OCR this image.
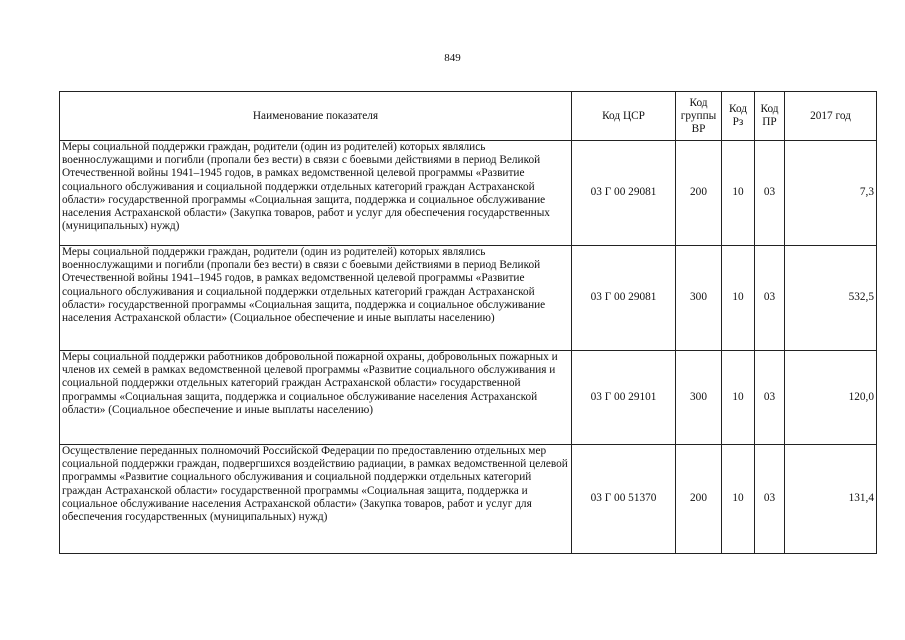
849
Наименование показателя	Код ЦСР	Код группы ВР	Код Рз	Код ПР	2017 год
Меры социальной поддержки граждан, родители (один из родителей) которых являлись военнослужащими и погибли (пропали без вести) в связи с боевыми действиями в период Великой Отечественной войны 1941–1945 годов, в рамках ведомственной целевой программы «Развитие социального обслуживания и социальной поддержки отдельных категорий граждан Астраханской области» государственной программы «Социальная защита, поддержка и социальное обслуживание населения Астраханской области» (Закупка товаров, работ и услуг для обеспечения государственных (муниципальных) нужд)	03 Г 00 29081	200	10	03	7,3
Меры социальной поддержки граждан, родители (один из родителей) которых являлись военнослужащими и погибли (пропали без вести) в связи с боевыми действиями в период Великой Отечественной войны 1941–1945 годов, в рамках ведомственной целевой программы «Развитие социального обслуживания и социальной поддержки отдельных категорий граждан Астраханской области» государственной программы «Социальная защита, поддержка и социальное обслуживание населения Астраханской области» (Социальное обеспечение и иные выплаты населению)	03 Г 00 29081	300	10	03	532,5
Меры социальной поддержки работников добровольной пожарной охраны, добровольных пожарных и членов их семей в рамках ведомственной целевой программы «Развитие социального обслуживания и социальной поддержки отдельных категорий граждан Астраханской области» государственной программы «Социальная защита, поддержка и социальное обслуживание населения Астраханской области» (Социальное обеспечение и иные выплаты населению)	03 Г 00 29101	300	10	03	120,0
Осуществление переданных полномочий Российской Федерации по предоставлению отдельных мер социальной поддержки граждан, подвергшихся воздействию радиации, в рамках ведомственной целевой программы «Развитие социального обслуживания и социальной поддержки отдельных категорий граждан Астраханской области» государственной программы «Социальная защита, поддержка и социальное обслуживание населения Астраханской области» (Закупка товаров, работ и услуг для обеспечения государственных (муниципальных) нужд)	03 Г 00 51370	200	10	03	131,4
